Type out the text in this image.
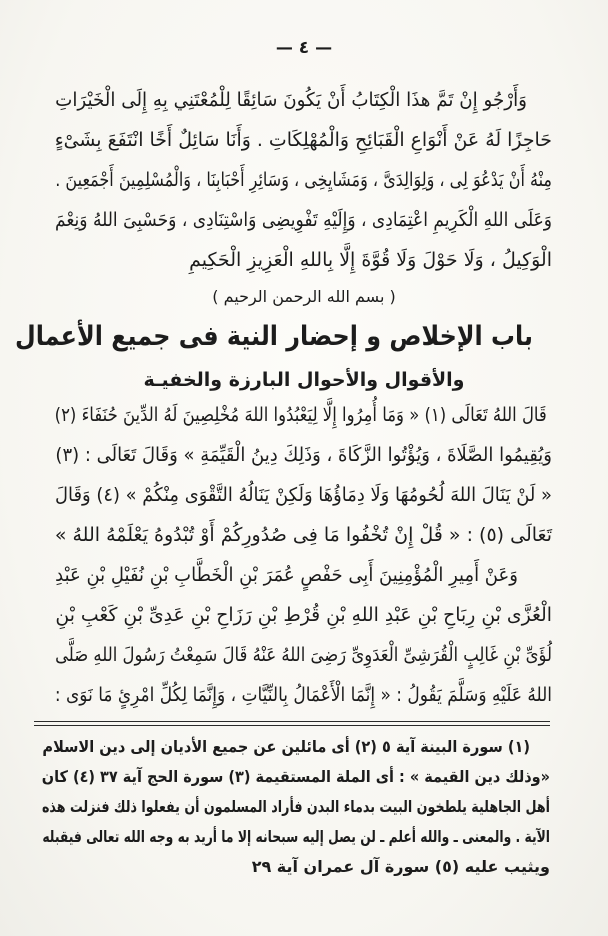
— ٤ —
وَأَرْجُو إِنْ تَمَّ هذَا الْكِتَابُ أَنْ يَكُونَ سَائِقًا لِلْمُعْتَنِي بِهِ إِلَى الْخَيْرَاتِ
حَاجِزًا لَهُ عَنْ أَنْوَاعِ الْقَبَائِحِ وَالْمُهْلِكَاتِ . وَأَنَا سَائِلٌ أَخًا انْتَفَعَ بِشَىْءٍ
مِنْهُ أَنْ يَدْعُوَ لِى ، وَلِوَالِدَىَّ ، وَمَشَايِخِى ، وَسَائِرِ أَحْبَابِنَا ، وَالْمُسْلِمِينَ أَجْمَعِينَ .
وَعَلَى اللهِ الْكَرِيمِ اعْتِمَادِى ، وَإِلَيْهِ تَفْوِيضِى وَاسْتِنَادِى ، وَحَسْبِىَ اللهُ وَنِعْمَ
الْوَكِيلُ ، وَلَا حَوْلَ وَلَا قُوَّةَ إِلَّا بِاللهِ الْعَزِيزِ الْحَكِيمِ
( بسم الله الرحمن الرحيم )
باب الإخلاص و إحضار النية فى جميع الأعمال
والأقوال والأحوال البارزة والخفيـة
قَالَ اللهُ تَعَالَى (١) « وَمَا أُمِرُوا إِلَّا لِيَعْبُدُوا اللهَ مُخْلِصِينَ لَهُ الدِّينَ حُنَفَاءَ (٢)
وَيُقِيمُوا الصَّلَاةَ ، وَيُؤْتُوا الزَّكَاةَ ، وَذَلِكَ دِينُ الْقَيِّمَةِ » وَقَالَ تَعَالَى : (٣)
« لَنْ يَنَالَ اللهَ لُحُومُهَا وَلَا دِمَاؤُهَا وَلَكِنْ يَنَالُهُ التَّقْوَى مِنْكُمْ » (٤) وَقَالَ
تَعَالَى (٥) : « قُلْ إِنْ تُخْفُوا مَا فِى صُدُورِكُمْ أَوْ تُبْدُوهُ يَعْلَمْهُ اللهُ »
وَعَنْ أَمِيرِ الْمُؤْمِنِينَ أَبِى حَفْصٍ عُمَرَ بْنِ الْخَطَّابِ بْنِ نُفَيْلِ بْنِ عَبْدِ
الْعُزَّى بْنِ رِبَاحِ بْنِ عَبْدِ اللهِ بْنِ قُرْطِ بْنِ رَزَاحِ بْنِ عَدِىِّ بْنِ كَعْبِ بْنِ
لُؤَىِّ بْنِ غَالِبٍ الْقُرَشِىِّ الْعَدَوِىِّ رَضِىَ اللهُ عَنْهُ قَالَ سَمِعْتُ رَسُولَ اللهِ صَلَّى
اللهُ عَلَيْهِ وَسَلَّمَ يَقُولُ : « إِنَّمَا الْأَعْمَالُ بِالنِّيَّاتِ ، وَإِنَّمَا لِكُلِّ امْرِئٍ مَا نَوَى :
(١) سورة البينة آية ٥ (٢) أى مائلين عن جميع الأديان إلى دين الاسلام
«وذلك دين القيمة » : أى الملة المستقيمة (٣) سورة الحج آية ٣٧ (٤) كان
أهل الجاهلية يلطخون البيت بدماء البدن فأراد المسلمون أن يفعلوا ذلك فنزلت هذه
الآية . والمعنى ـ والله أعلم ـ لن يصل إليه سبحانه إلا ما أريد به وجه الله تعالى فيقبله
ويثيب عليه (٥) سورة آل عمران آية ٢٩
